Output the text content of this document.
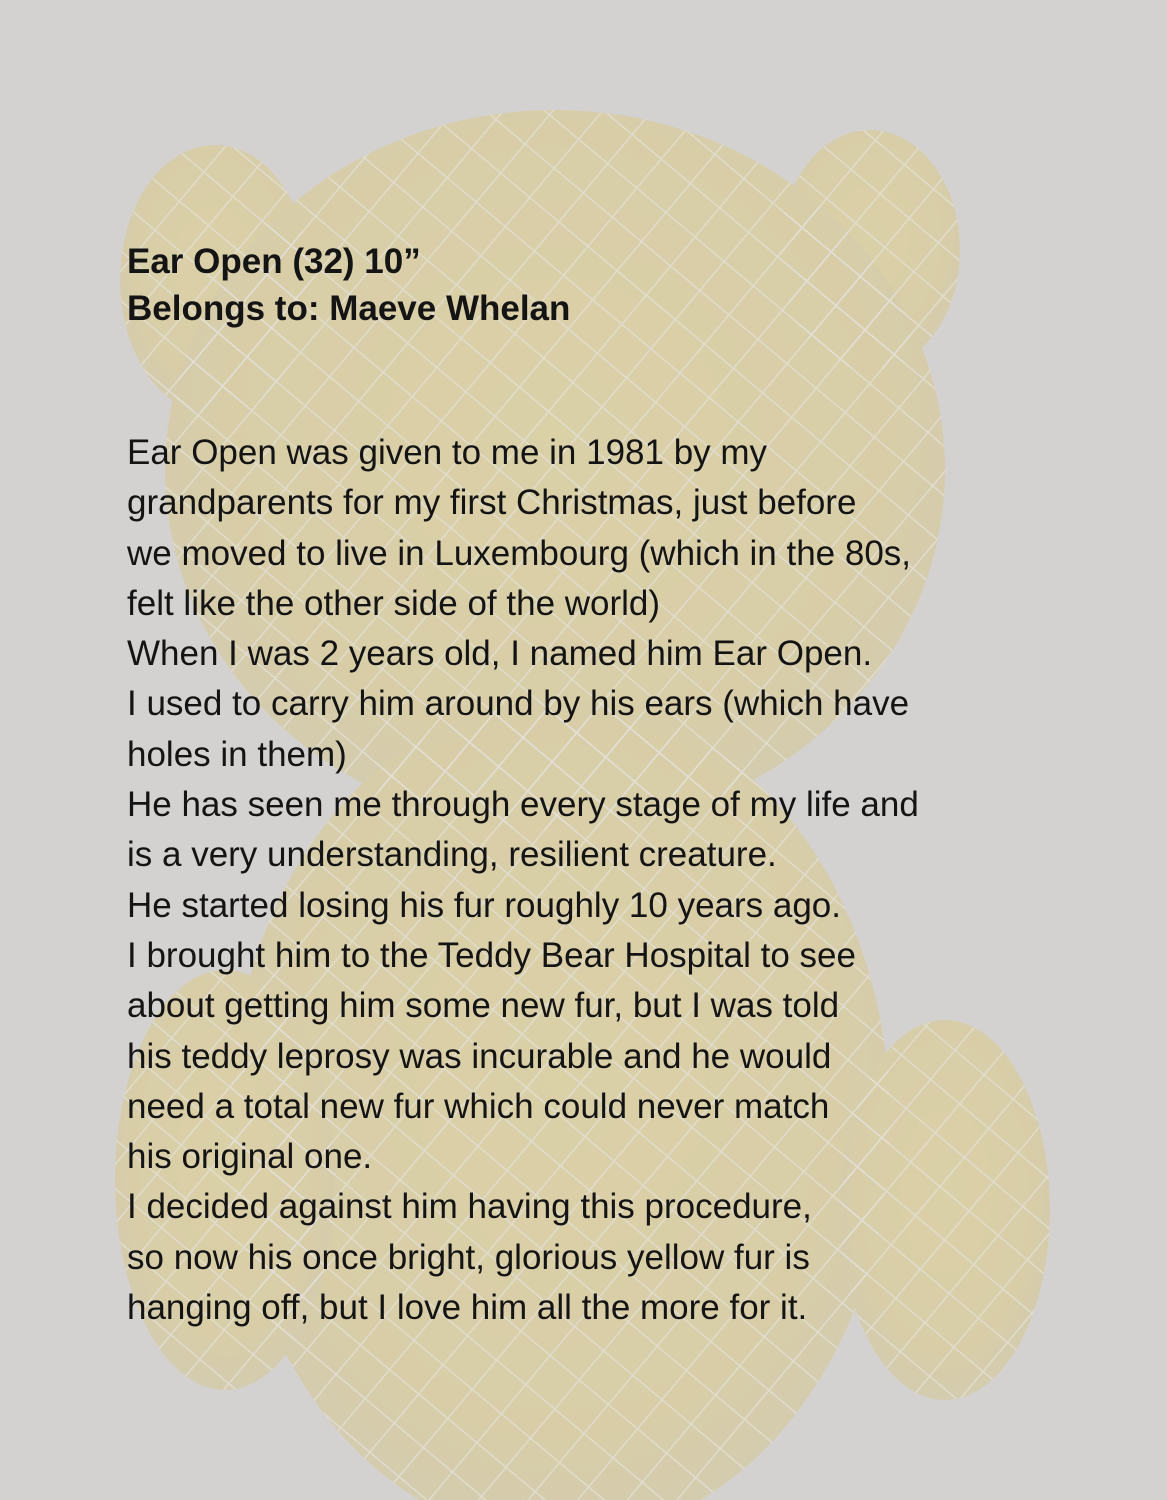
Ear Open (32) 10”
Belongs to: Maeve Whelan

Ear Open was given to me in 1981 by my
grandparents for my first Christmas, just before
we moved to live in Luxembourg (which in the 80s,
felt like the other side of the world)
When I was 2 years old, I named him Ear Open.
I used to carry him around by his ears (which have
holes in them)
He has seen me through every stage of my life and
is a very understanding, resilient creature.
He started losing his fur roughly 10 years ago.
I brought him to the Teddy Bear Hospital to see
about getting him some new fur, but I was told
his teddy leprosy was incurable and he would
need a total new fur which could never match
his original one.
I decided against him having this procedure,
so now his once bright, glorious yellow fur is
hanging off, but I love him all the more for it.
